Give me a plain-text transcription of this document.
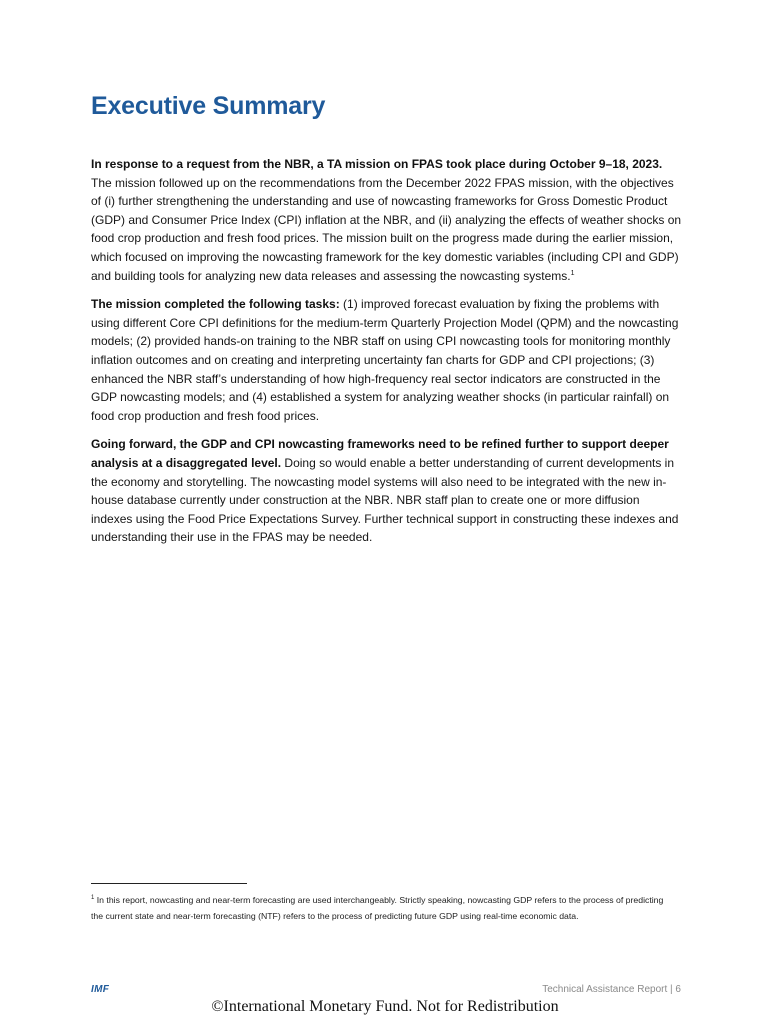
Executive Summary

In response to a request from the NBR, a TA mission on FPAS took place during October 9–18, 2023. The mission followed up on the recommendations from the December 2022 FPAS mission, with the objectives of (i) further strengthening the understanding and use of nowcasting frameworks for Gross Domestic Product (GDP) and Consumer Price Index (CPI) inflation at the NBR, and (ii) analyzing the effects of weather shocks on food crop production and fresh food prices. The mission built on the progress made during the earlier mission, which focused on improving the nowcasting framework for the key domestic variables (including CPI and GDP) and building tools for analyzing new data releases and assessing the nowcasting systems.$^1$

The mission completed the following tasks: (1) improved forecast evaluation by fixing the problems with using different Core CPI definitions for the medium-term Quarterly Projection Model (QPM) and the nowcasting models; (2) provided hands-on training to the NBR staff on using CPI nowcasting tools for monitoring monthly inflation outcomes and on creating and interpreting uncertainty fan charts for GDP and CPI projections; (3) enhanced the NBR staff’s understanding of how high-frequency real sector indicators are constructed in the GDP nowcasting models; and (4) established a system for analyzing weather shocks (in particular rainfall) on food crop production and fresh food prices.

Going forward, the GDP and CPI nowcasting frameworks need to be refined further to support deeper analysis at a disaggregated level. Doing so would enable a better understanding of current developments in the economy and storytelling. The nowcasting model systems will also need to be integrated with the new in-house database currently under construction at the NBR. NBR staff plan to create one or more diffusion indexes using the Food Price Expectations Survey. Further technical support in constructing these indexes and understanding their use in the FPAS may be needed.

$^1$ In this report, nowcasting and near-term forecasting are used interchangeably. Strictly speaking, nowcasting GDP refers to the process of predicting the current state and near-term forecasting (NTF) refers to the process of predicting future GDP using real-time economic data.
IMF	Technical Assistance Report | 6
©International Monetary Fund. Not for Redistribution
